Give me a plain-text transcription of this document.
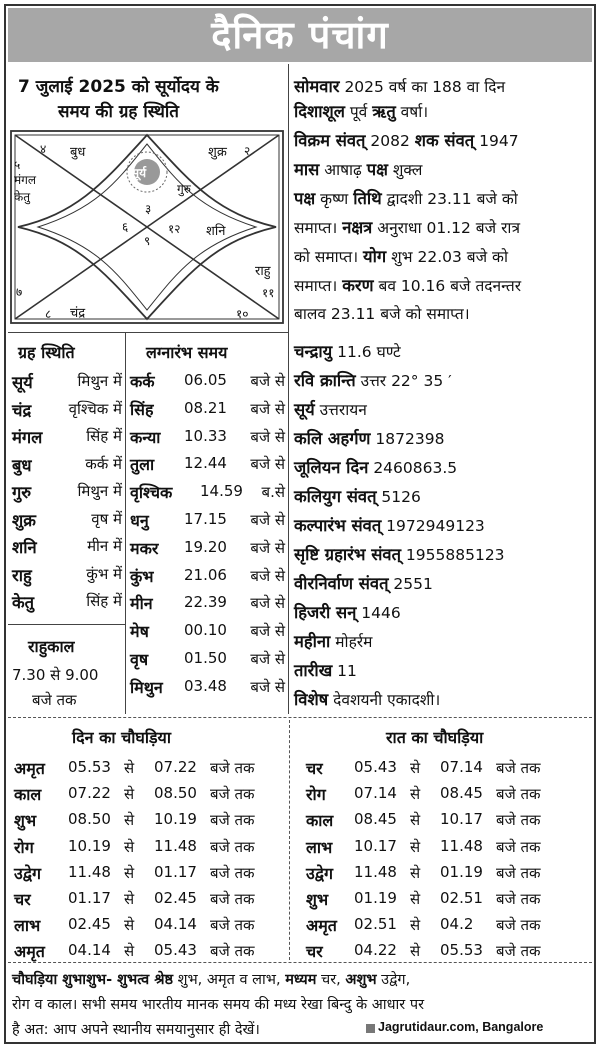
दैनिक पंचांग
7 जुलाई 2025 को सूर्योदय के
समय की ग्रह स्थिति
सूर्य
४ बुध
५
मंगल
केतु
गुरु
३
शुक्र २
६
९
१२ शनि
७
८ चंद्र	१०
राहु
११
ग्रह स्थिति
सूर्य	मिथुन में
चंद्र वृश्चिक में
मंगल	सिंह में
बुध	कर्क में
गुरु	मिथुन में
शुक्र	वृष में
शनि	मीन में
राहु	कुंभ में
केतु	सिंह में
राहुकाल
7.30 से 9.00
बजे तक
लग्नारंभ समय
कर्क 06.05 बजे से
सिंह 08.21 बजे से
कन्या 10.33 बजे से
तुला 12.44 बजे से
वृश्चिक 14.59 ब.से
धनु 17.15 बजे से
मकर 19.20 बजे से
कुंभ 21.06 बजे से
मीन 22.39 बजे से
मेष 00.10 बजे से
वृष 01.50 बजे से
मिथुन 03.48 बजे से
सोमवार 2025 वर्ष का 188 वा दिन
दिशाशूल पूर्व ऋतु वर्षा।
विक्रम संवत् 2082 शक संवत् 1947
मास आषाढ़ पक्ष शुक्ल
पक्ष कृष्ण तिथि द्वादशी 23.11 बजे को
समाप्त। नक्षत्र अनुराधा 01.12 बजे रात्र
को समाप्त। योग शुभ 22.03 बजे को
समाप्त। करण बव 10.16 बजे तदनन्तर
बालव 23.11 बजे को समाप्त।
चन्द्रायु 11.6 घण्टे
रवि क्रान्ति उत्तर 22° 35 ′
सूर्य उत्तरायन
कलि अहर्गण 1872398
जूलियन दिन 2460863.5
कलियुग संवत् 5126
कल्पारंभ संवत् 1972949123
सृष्टि ग्रहारंभ संवत् 1955885123
वीरनिर्वाण संवत् 2551
हिजरी सन् 1446
महीना मोहर्रम
तारीख 11
विशेष देवशयनी एकादशी।
दिन का चौघड़िया	रात का चौघड़िया
अमृत 05.53 से 07.22 बजे तक
काल 07.22 से 08.50 बजे तक
शुभ 08.50 से 10.19 बजे तक
रोग 10.19 से 11.48 बजे तक
उद्वेग 11.48 से 01.17 बजे तक
चर 01.17 से 02.45 बजे तक
लाभ 02.45 से 04.14 बजे तक
अमृत 04.14 से 05.43 बजे तक
चर 05.43 से 07.14 बजे तक
रोग 07.14 से 08.45 बजे तक
काल 08.45 से 10.17 बजे तक
लाभ 10.17 से 11.48 बजे तक
उद्वेग 11.48 से 01.19 बजे तक
शुभ 01.19 से 02.51 बजे तक
अमृत 02.51 से 04.2 बजे तक
चर 04.22 से 05.53 बजे तक
चौघड़िया शुभाशुभ- शुभत्व श्रेष्ठ शुभ, अमृत व लाभ, मध्यम चर, अशुभ उद्वेग,
रोग व काल। सभी समय भारतीय मानक समय की मध्य रेखा बिन्दु के आधार पर
है अत: आप अपने स्थानीय समयानुसार ही देखें।	Jagrutidaur.com, Bangalore
